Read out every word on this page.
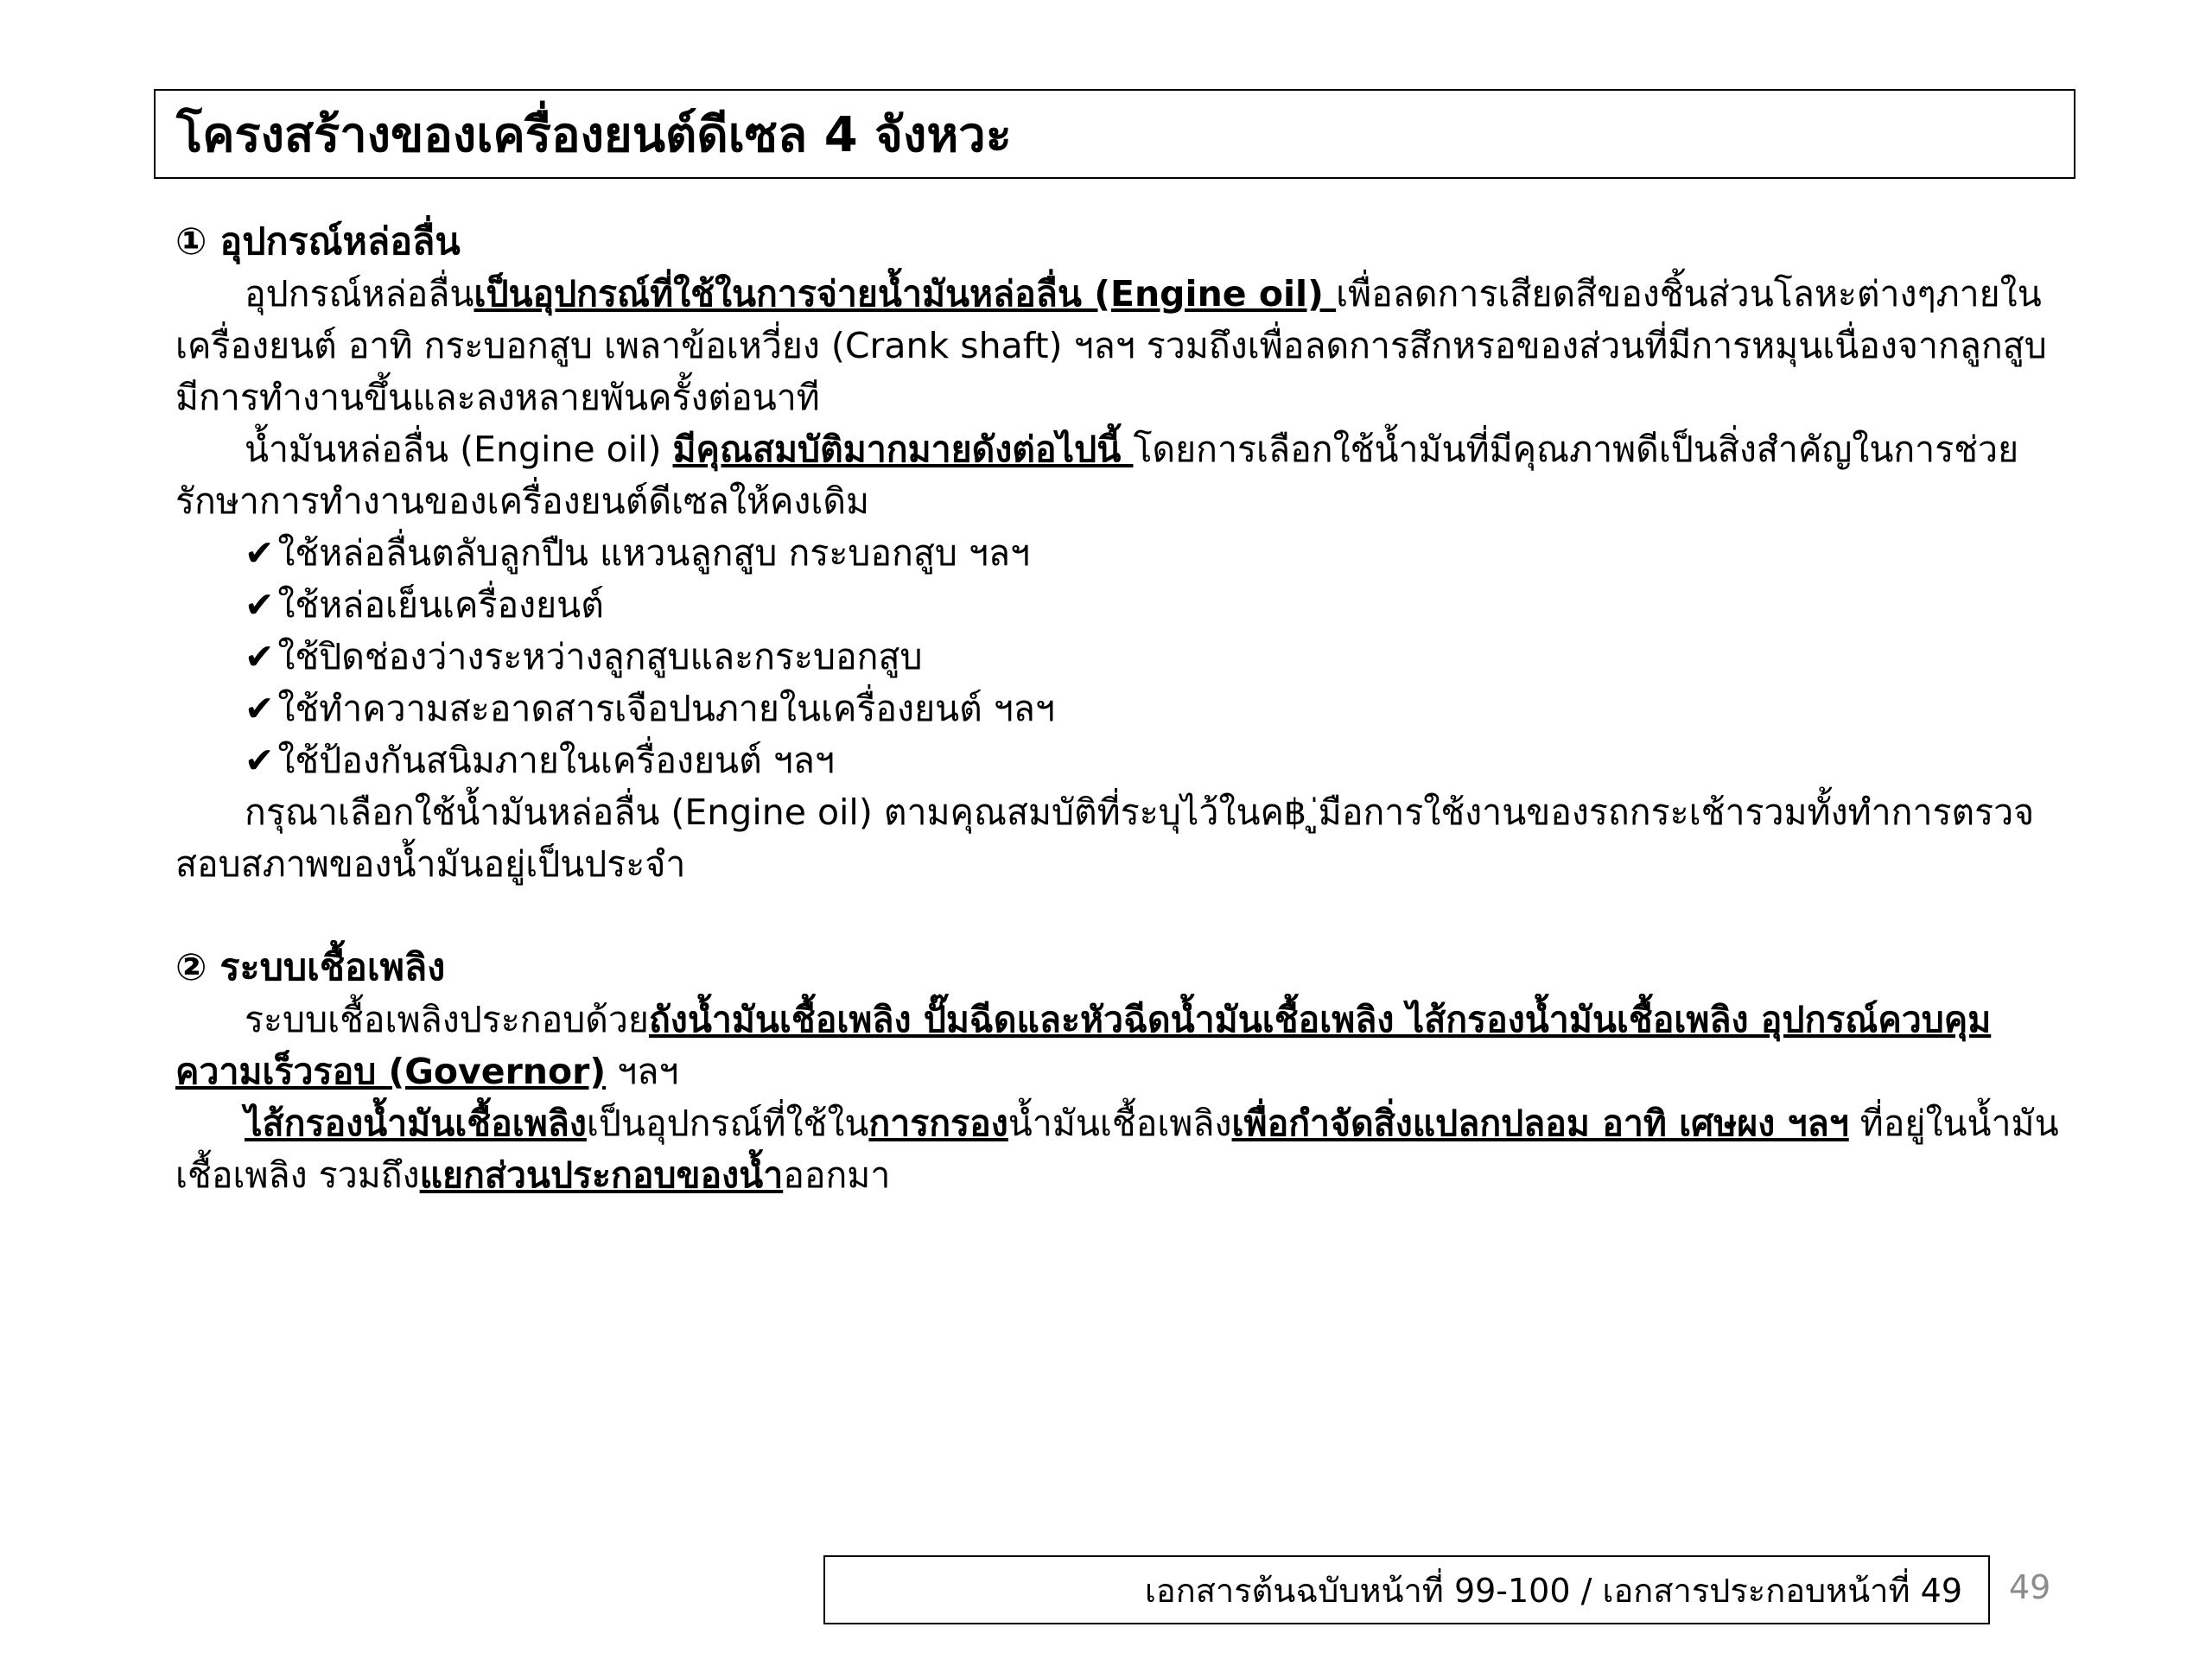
โครงสร้างของเครื่องยนต์ดีเซล 4 จังหวะ
① อุปกรณ์หล่อลื่น

อุปกรณ์หล่อลื่นเป็นอุปกรณ์ที่ใช้ในการจ่ายน้ำมันหล่อลื่น (Engine oil) เพื่อลดการเสียดสีของชิ้นส่วนโลหะต่างๆภายในเครื่องยนต์ อาทิ กระบอกสูบ เพลาข้อเหวี่ยง (Crank shaft) ฯลฯ รวมถึงเพื่อลดการสึกหรอของส่วนที่มีการหมุนเนื่องจากลูกสูบมีการทำงานขึ้นและลงหลายพันครั้งต่อนาที

น้ำมันหล่อลื่น (Engine oil) มีคุณสมบัติมากมายดังต่อไปนี้ โดยการเลือกใช้น้ำมันที่มีคุณภาพดีเป็นสิ่งสำคัญในการช่วยรักษาการทำงานของเครื่องยนต์ดีเซลให้คงเดิม

✔ใช้หล่อลื่นตลับลูกปืน แหวนลูกสูบ กระบอกสูบ ฯลฯ
✔ใช้หล่อเย็นเครื่องยนต์
✔ใช้ปิดช่องว่างระหว่างลูกสูบและกระบอกสูบ
✔ใช้ทำความสะอาดสารเจือปนภายในเครื่องยนต์ ฯลฯ
✔ใช้ป้องกันสนิมภายในเครื่องยนต์ ฯลฯ

กรุณาเลือกใช้น้ำมันหล่อลื่น (Engine oil) ตามคุณสมบัติที่ระบุไว้ในค฿ ู่มือการใช้งานของรถกระเช้ารวมทั้งทำการตรวจสอบสภาพของน้ำมันอยู่เป็นประจำ

② ระบบเชื้อเพลิง

ระบบเชื้อเพลิงประกอบด้วยถังน้ำมันเชื้อเพลิง ปั๊มฉีดและหัวฉีดน้ำมันเชื้อเพลิง ไส้กรองน้ำมันเชื้อเพลิง อุปกรณ์ควบคุมความเร็วรอบ (Governor) ฯลฯ

ไส้กรองน้ำมันเชื้อเพลิงเป็นอุปกรณ์ที่ใช้ในการกรองน้ำมันเชื้อเพลิงเพื่อกำจัดสิ่งแปลกปลอม อาทิ เศษผง ฯลฯ ที่อยู่ในน้ำมันเชื้อเพลิง รวมถึงแยกส่วนประกอบของน้ำออกมา

เอกสารต้นฉบับหน้าที่ 99-100 / เอกสารประกอบหน้าที่ 49 49
